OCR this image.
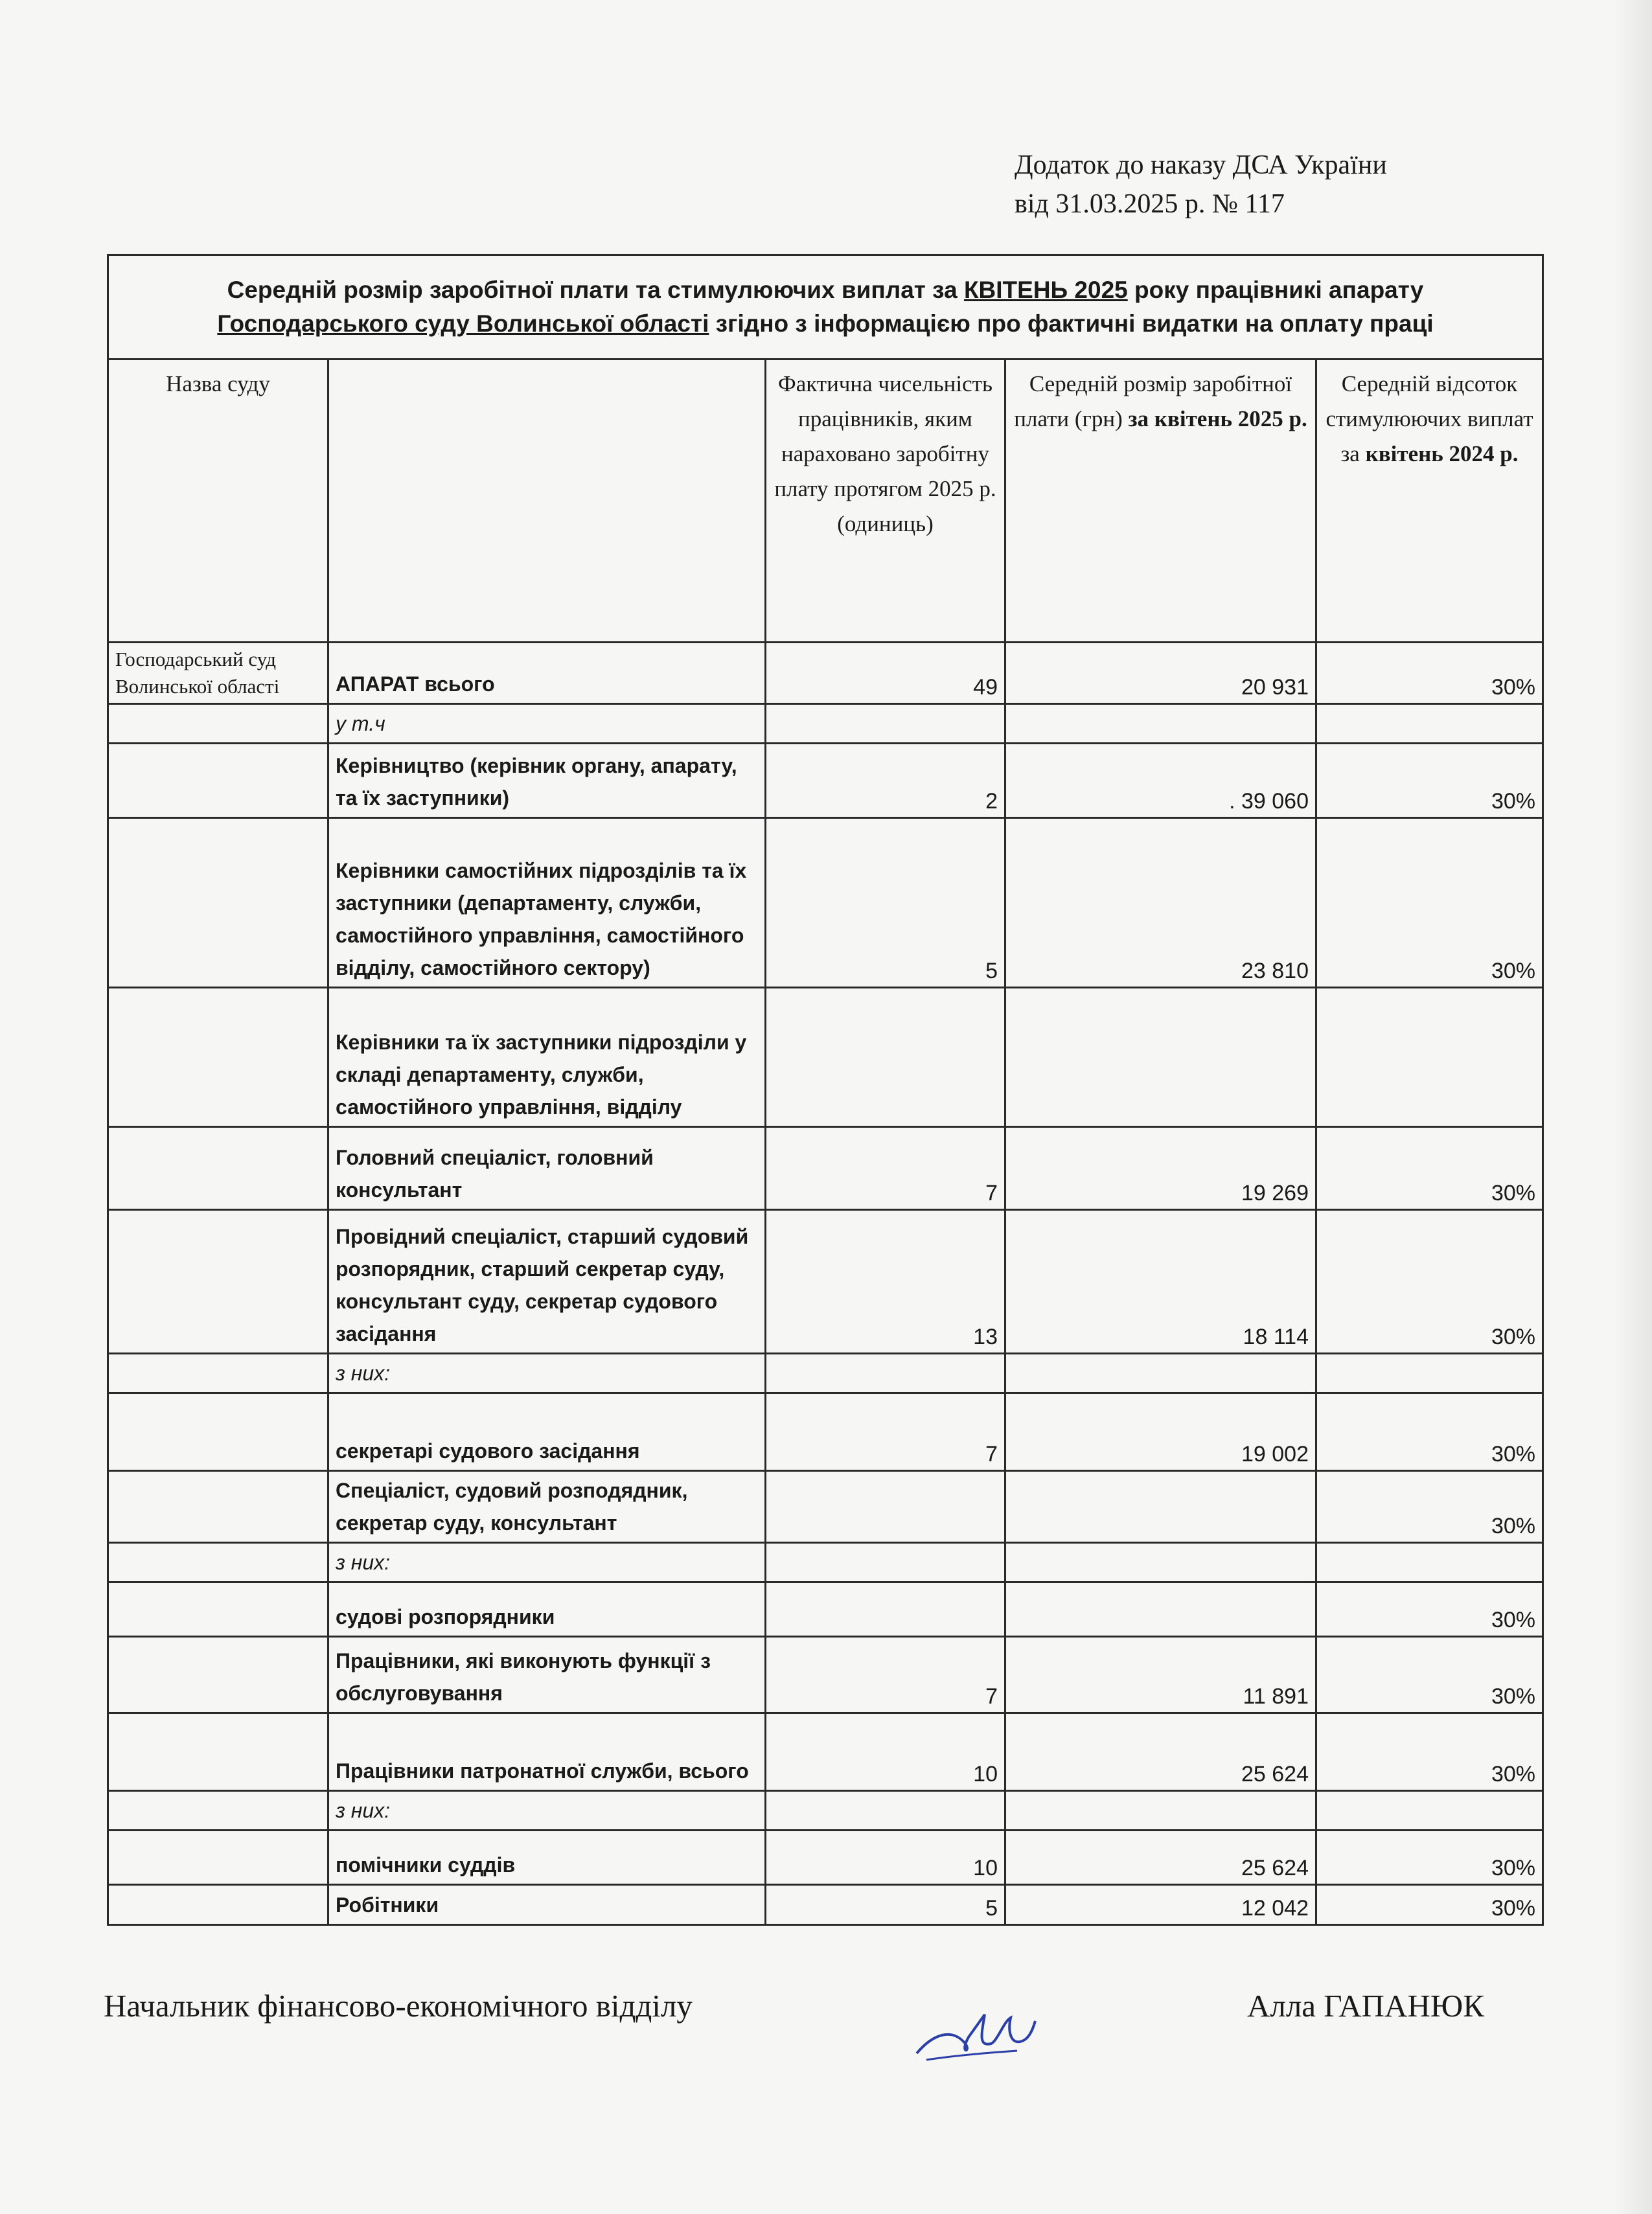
Додаток до наказу ДСА України
від 31.03.2025 р. № 117
Середній розмір заробітної плати та стимулюючих виплат за КВІТЕНЬ 2025 року працівникі апарату
Господарського суду Волинської області згідно з інформацією про фактичні видатки на оплату праці				
Назва суду		Фактична чисельність працівників, яким нараховано заробітну плату протягом 2025 р. (одиниць)	Середній розмір заробітної плати (грн) за квітень 2025 р.	Середній відсоток стимулюючих виплат за квітень 2024 р.
Господарський суд Волинської області	АПАРАТ всього	49	20 931	30%
	у т.ч			
	Керівництво (керівник органу, апарату, та їх заступники)	2	. 39 060	30%
	Керівники самостійних підрозділів та їх заступники (департаменту, служби, самостійного управління, самостійного відділу, самостійного сектору)	5	23 810	30%
	Керівники та їх заступники підрозділи у складі департаменту, служби, самостійного управління, відділу			
	Головний спеціаліст, головний консультант	7	19 269	30%
	Провідний спеціаліст, старший судовий розпорядник, старший секретар суду, консультант суду, секретар судового засідання	13	18 114	30%
	з них:			
	секретарі судового засідання	7	19 002	30%
	Спеціаліст, судовий розподядник, секретар суду, консультант			30%
	з них:			
	судові розпорядники			30%
	Працівники, які виконують функції з обслуговування	7	11 891	30%
	Працівники патронатної служби, всього	10	25 624	30%
	з них:			
	помічники суддів	10	25 624	30%
	Робітники	5	12 042	30%
Начальник фінансово-економічного відділу	Алла ГАПАНЮК
